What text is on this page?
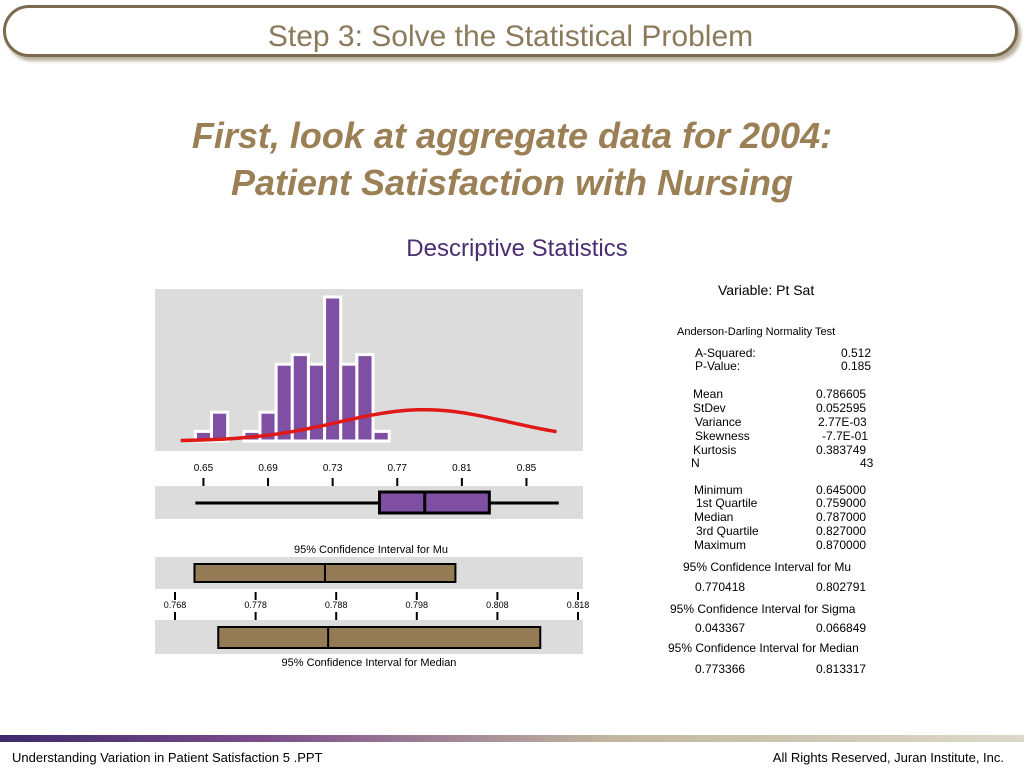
Step 3: Solve the Statistical Problem
First, look at aggregate data for 2004:
Patient Satisfaction with Nursing
Descriptive Statistics
0.65	0.69	0.73	0.77	0.81	0.85
95% Confidence Interval for Mu
0.768	0.778	0.788	0.798	0.808	0.818
95% Confidence Interval for Median
Variable: Pt Sat
Anderson-Darling Normality Test
A-Squared:	0.512
P-Value:	0.185
Mean	0.786605
StDev	0.052595
Variance	2.77E-03
Skewness	-7.7E-01
Kurtosis	0.383749
N	43
Minimum	0.645000
1st Quartile	0.759000
Median	0.787000
3rd Quartile	0.827000
Maximum	0.870000
95% Confidence Interval for Mu
0.770418	0.802791
95% Confidence Interval for Sigma
0.043367	0.066849
95% Confidence Interval for Median
0.773366	0.813317
Understanding Variation in Patient Satisfaction 5 .PPT	All Rights Reserved, Juran Institute, Inc.
